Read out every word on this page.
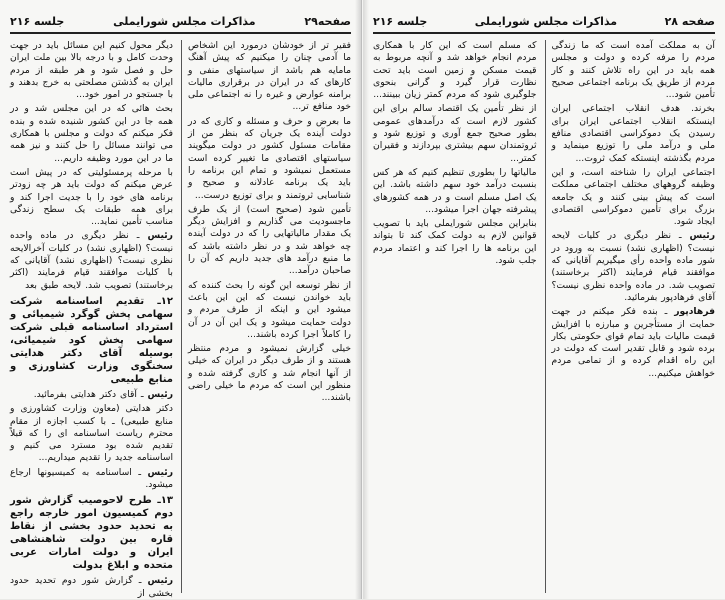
صفحه۲۹
مذاکرات مجلس شورایملی
جلسه ۲۱۶

فقیر تر از خودشان درمورد این اشخاص ما آدمی چنان را میکنیم که پیش آهنگ مامایه هم باشد از سیاستهای منفی و کارهای که در ایران در برقراری مالیات برامنه عوارض و غیره را نه اجتماعی ملی خود منافع تر...

ما بعرض و حرف و مسئله و کاری که در دولت آینده یک جریان که بنظر من از مقامات مسئول کشور در دولت میگویند سیاستهای اقتصادی ما تغییر کرده است مستعمل نمیشود و تمام این برنامه را باید یک برنامه عادلانه و صحیح و شناسایی ثروتمند و برای توزیع درست...

تأمین شود (صحیح است) از یک طرف ماجسودیت می گذاریم و افزایش دیگر یک مقدار مالیاتهایی را که در دولت آینده چه خواهد شد و در نظر داشته باشد که ما منبع درآمد های جدید داریم که آن را صاحبان درآمد...

از نظر توسعه این گونه را بحث کننده که باید خواندن نیست که این این باعث میشود این و اینکه از طرف مردم و دولت حمایت میشود و یک این آن در آن را کاملاً اجرا کرده باشند...

خیلی گزارش نمیشود و مردم منتظر هستند و از طرف دیگر در ایران که خیلی از آنها انجام شد و کاری گرفته شده و منظور این است که مردم ما خیلی راضی باشند...

دیگر محول کنیم این مسائل باید در جهت وحدت کامل و با درجه بالا بین ملت ایران حل و فصل شود و هر طبقه از مردم ایران به گذشتن مصلحتی به خرج بدهند و با جستجو در امور خود...

بحث هائی که در این مجلس شد و در همه جا در این کشور شنیده شده و بنده فکر میکنم که دولت و مجلس با همکاری می توانند مسائل را حل کنند و نیز همه ما در این مورد وظیفه داریم...

با مرحله پرمسئولیتی که در پیش است عرض میکنم که دولت باید هر چه زودتر برنامه های خود را با جدیت اجرا کند و برای همه طبقات یک سطح زندگی مناسب تأمین نماید...

رئیس ـ نظر دیگری در ماده واحده نیست؟ (اظهاری نشد) در کلیات آخرالایحه نظری نیست؟ (اظهاری نشد) آقایانی که با کلیات موافقند قیام فرمایند (اکثر برخاستند) تصویب شد. لایحه طبق بعد

۱۲ـ تقدیم اساسنامه شرکت سهامی پخش گوگرد شیمیائی و استرداد اساسنامه قبلی شرکت سهامی پخش کود شیمیائی، بوسیله آقای دکتر هدایتی سخنگوی وزارت کشاورزی و منابع طبیعی

رئیس ـ آقای دکتر هدایتی بفرمائید.

دکتر هدایتی (معاون وزارت کشاورزی و منابع طبیعی) ـ با کسب اجازه از مقام محترم ریاست اساسنامه ای را که قبلاً تقدیم شده بود مسترد می کنیم و اساسنامه جدید را تقدیم میداریم...

رئیس ـ اساسنامه به کمیسیونها ارجاع میشود.

۱۳ـ طرح لاحوصیب گزارش شور دوم کمیسیون امور خارجه راجع به تحدید حدود بخشی از نقاط قاره بین دولت شاهنشاهی ایران و دولت امارات عربی متحده و ابلاغ بدولت

رئیس ـ گزارش شور دوم تحدید حدود بخشی از

صفحه ۲۸
مذاکرات مجلس شورایملی
جلسه ۲۱۶

آن به مملکت آمده است که ما زندگی مردم را مرفه کرده و دولت و مجلس همه باید در این راه تلاش کنند و کار مردم از طریق یک برنامه اجتماعی صحیح تأمین شود...

بخرند. هدف انقلاب اجتماعی ایران اینستکه انقلاب اجتماعی ایران برای رسیدن یک دموکراسی اقتصادی منافع ملی و درآمد ملی را توزیع مینماید و مردم بگذشته اینستکه کمک ثروت...

اجتماعی ایران را شناخته است، و این وظیفه گروههای مختلف اجتماعی مملکت است که پیش بینی کنند و یک جامعه بزرگ برای تأمین دموکراسی اقتصادی ایجاد شود.

رئیس ـ نظر دیگری در کلیات لایحه نیست؟ (اظهاری نشد) نسبت به ورود در شور ماده واحده رأی میگیریم آقایانی که موافقند قیام فرمایند (اکثر برخاستند) تصویب شد. در ماده واحده نظری نیست؟ آقای فرهادپور بفرمائید.

فرهادپور ـ بنده فکر میکنم در جهت حمایت از مستأجرین و مبارزه با افزایش قیمت مالیات باید تمام قوای حکومتی بکار برده شود و قابل تقدیر است که دولت در این راه اقدام کرده و از تمامی مردم خواهش میکنیم...

که مسلم است که این کار با همکاری مردم انجام خواهد شد و آنچه مربوط به قیمت مسکن و زمین است باید تحت نظارت قرار گیرد و گرانی بنحوی جلوگیری شود که مردم کمتر زیان ببینند...

از نظر تأمین یک اقتصاد سالم برای این کشور لازم است که درآمدهای عمومی بطور صحیح جمع آوری و توزیع شود و ثروتمندان سهم بیشتری بپردازند و فقیران کمتر...

مالیاتها را بطوری تنظیم کنیم که هر کس بنسبت درآمد خود سهم داشته باشد. این یک اصل مسلم است و در همه کشورهای پیشرفته جهان اجرا میشود...

بنابراین مجلس شورایملی باید با تصویب قوانین لازم به دولت کمک کند تا بتواند این برنامه ها را اجرا کند و اعتماد مردم جلب شود.
